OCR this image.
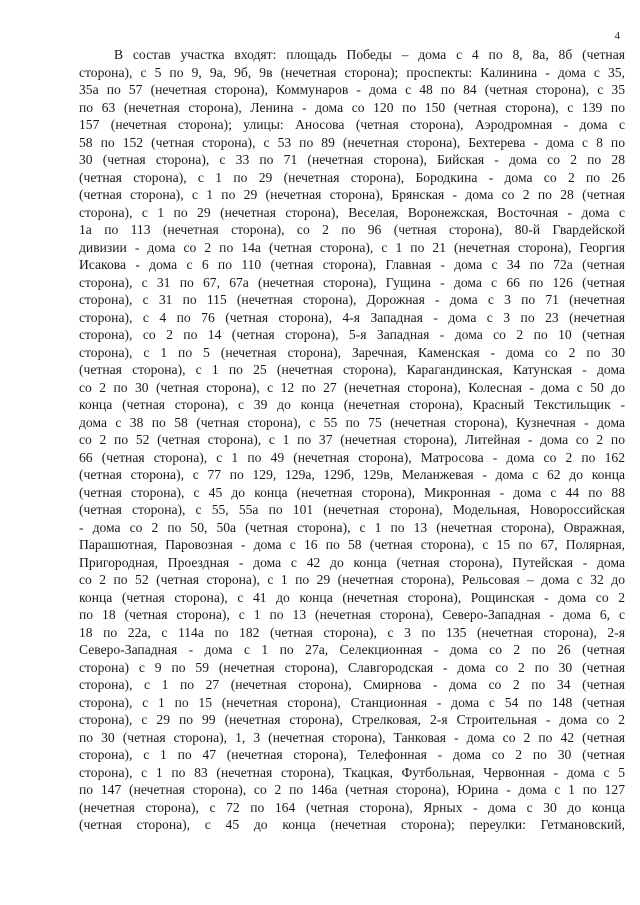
4
В состав участка входят: площадь Победы – дома с 4 по 8, 8а, 8б (четная
сторона), с 5 по 9, 9а, 9б, 9в (нечетная сторона); проспекты: Калинина - дома с 35,
35а по 57 (нечетная сторона), Коммунаров - дома с 48 по 84 (четная сторона), с 35
по 63 (нечетная сторона), Ленина - дома со 120 по 150 (четная сторона), с 139 по
157 (нечетная сторона); улицы: Аносова (четная сторона), Аэродромная - дома с
58 по 152 (четная сторона), с 53 по 89 (нечетная сторона), Бехтерева - дома с 8 по
30 (четная сторона), с 33 по 71 (нечетная сторона), Бийская - дома со 2 по 28
(четная сторона), с 1 по 29 (нечетная сторона), Бородкина - дома со 2 по 26
(четная сторона), с 1 по 29 (нечетная сторона), Брянская - дома со 2 по 28 (четная
сторона), с 1 по 29 (нечетная сторона), Веселая, Воронежская, Восточная - дома с
1а по 113 (нечетная сторона), со 2 по 96 (четная сторона), 80-й Гвардейской
дивизии - дома со 2 по 14а (четная сторона), с 1 по 21 (нечетная сторона), Георгия
Исакова - дома с 6 по 110 (четная сторона), Главная - дома с 34 по 72а (четная
сторона), с 31 по 67, 67а (нечетная сторона), Гущина - дома с 66 по 126 (четная
сторона), с 31 по 115 (нечетная сторона), Дорожная - дома с 3 по 71 (нечетная
сторона), с 4 по 76 (четная сторона), 4-я Западная - дома с 3 по 23 (нечетная
сторона), со 2 по 14 (четная сторона), 5-я Западная - дома со 2 по 10 (четная
сторона), с 1 по 5 (нечетная сторона), Заречная, Каменская - дома со 2 по 30
(четная сторона), с 1 по 25 (нечетная сторона), Карагандинская, Катунская - дома
со 2 по 30 (четная сторона), с 12 по 27 (нечетная сторона), Колесная - дома с 50 до
конца (четная сторона), с 39 до конца (нечетная сторона), Красный Текстильщик -
дома с 38 по 58 (четная сторона), с 55 по 75 (нечетная сторона), Кузнечная - дома
со 2 по 52 (четная сторона), с 1 по 37 (нечетная сторона), Литейная - дома со 2 по
66 (четная сторона), с 1 по 49 (нечетная сторона), Матросова - дома со 2 по 162
(четная сторона), с 77 по 129, 129а, 129б, 129в, Меланжевая - дома с 62 до конца
(четная сторона), с 45 до конца (нечетная сторона), Микронная - дома с 44 по 88
(четная сторона), с 55, 55а по 101 (нечетная сторона), Модельная, Новороссийская
- дома со 2 по 50, 50а (четная сторона), с 1 по 13 (нечетная сторона), Овражная,
Парашютная, Паровозная - дома с 16 по 58 (четная сторона), с 15 по 67, Полярная,
Пригородная, Проездная - дома с 42 до конца (четная сторона), Путейская - дома
со 2 по 52 (четная сторона), с 1 по 29 (нечетная сторона), Рельсовая – дома с 32 до
конца (четная сторона), с 41 до конца (нечетная сторона), Рощинская - дома со 2
по 18 (четная сторона), с 1 по 13 (нечетная сторона), Северо-Западная - дома 6, с
18 по 22а, с 114а по 182 (четная сторона), с 3 по 135 (нечетная сторона), 2-я
Северо-Западная - дома с 1 по 27а, Селекционная - дома со 2 по 26 (четная
сторона) с 9 по 59 (нечетная сторона), Славгородская - дома со 2 по 30 (четная
сторона), с 1 по 27 (нечетная сторона), Смирнова - дома со 2 по 34 (четная
сторона), с 1 по 15 (нечетная сторона), Станционная - дома с 54 по 148 (четная
сторона), с 29 по 99 (нечетная сторона), Стрелковая, 2-я Строительная - дома со 2
по 30 (четная сторона), 1, 3 (нечетная сторона), Танковая - дома со 2 по 42 (четная
сторона), с 1 по 47 (нечетная сторона), Телефонная - дома со 2 по 30 (четная
сторона), с 1 по 83 (нечетная сторона), Ткацкая, Футбольная, Червонная - дома с 5
по 147 (нечетная сторона), со 2 по 146а (четная сторона), Юрина - дома с 1 по 127
(нечетная сторона), с 72 по 164 (четная сторона), Ярных - дома с 30 до конца
(четная сторона), с 45 до конца (нечетная сторона); переулки: Гетмановский,
